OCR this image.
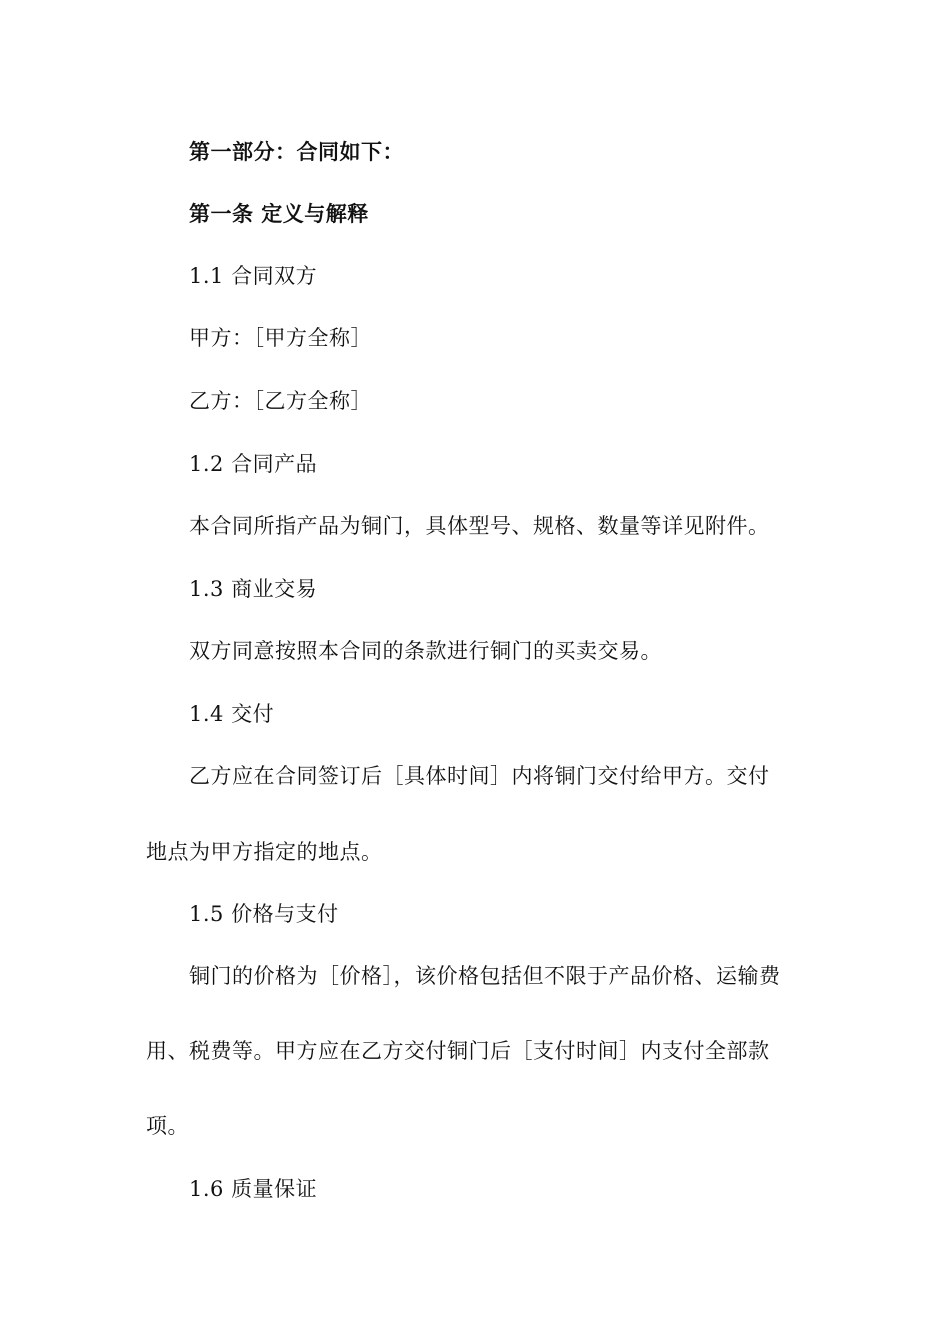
第一部分：合同如下：
第一条 定义与解释
1.1 合同双方
甲方：［甲方全称］
乙方：［乙方全称］
1.2 合同产品
本合同所指产品为铜门，具体型号、规格、数量等详见附件。
1.3 商业交易
双方同意按照本合同的条款进行铜门的买卖交易。
1.4 交付
乙方应在合同签订后［具体时间］内将铜门交付给甲方。交付
地点为甲方指定的地点。
1.5 价格与支付
铜门的价格为［价格］，该价格包括但不限于产品价格、运输费
用、税费等。甲方应在乙方交付铜门后［支付时间］内支付全部款
项。
1.6 质量保证
